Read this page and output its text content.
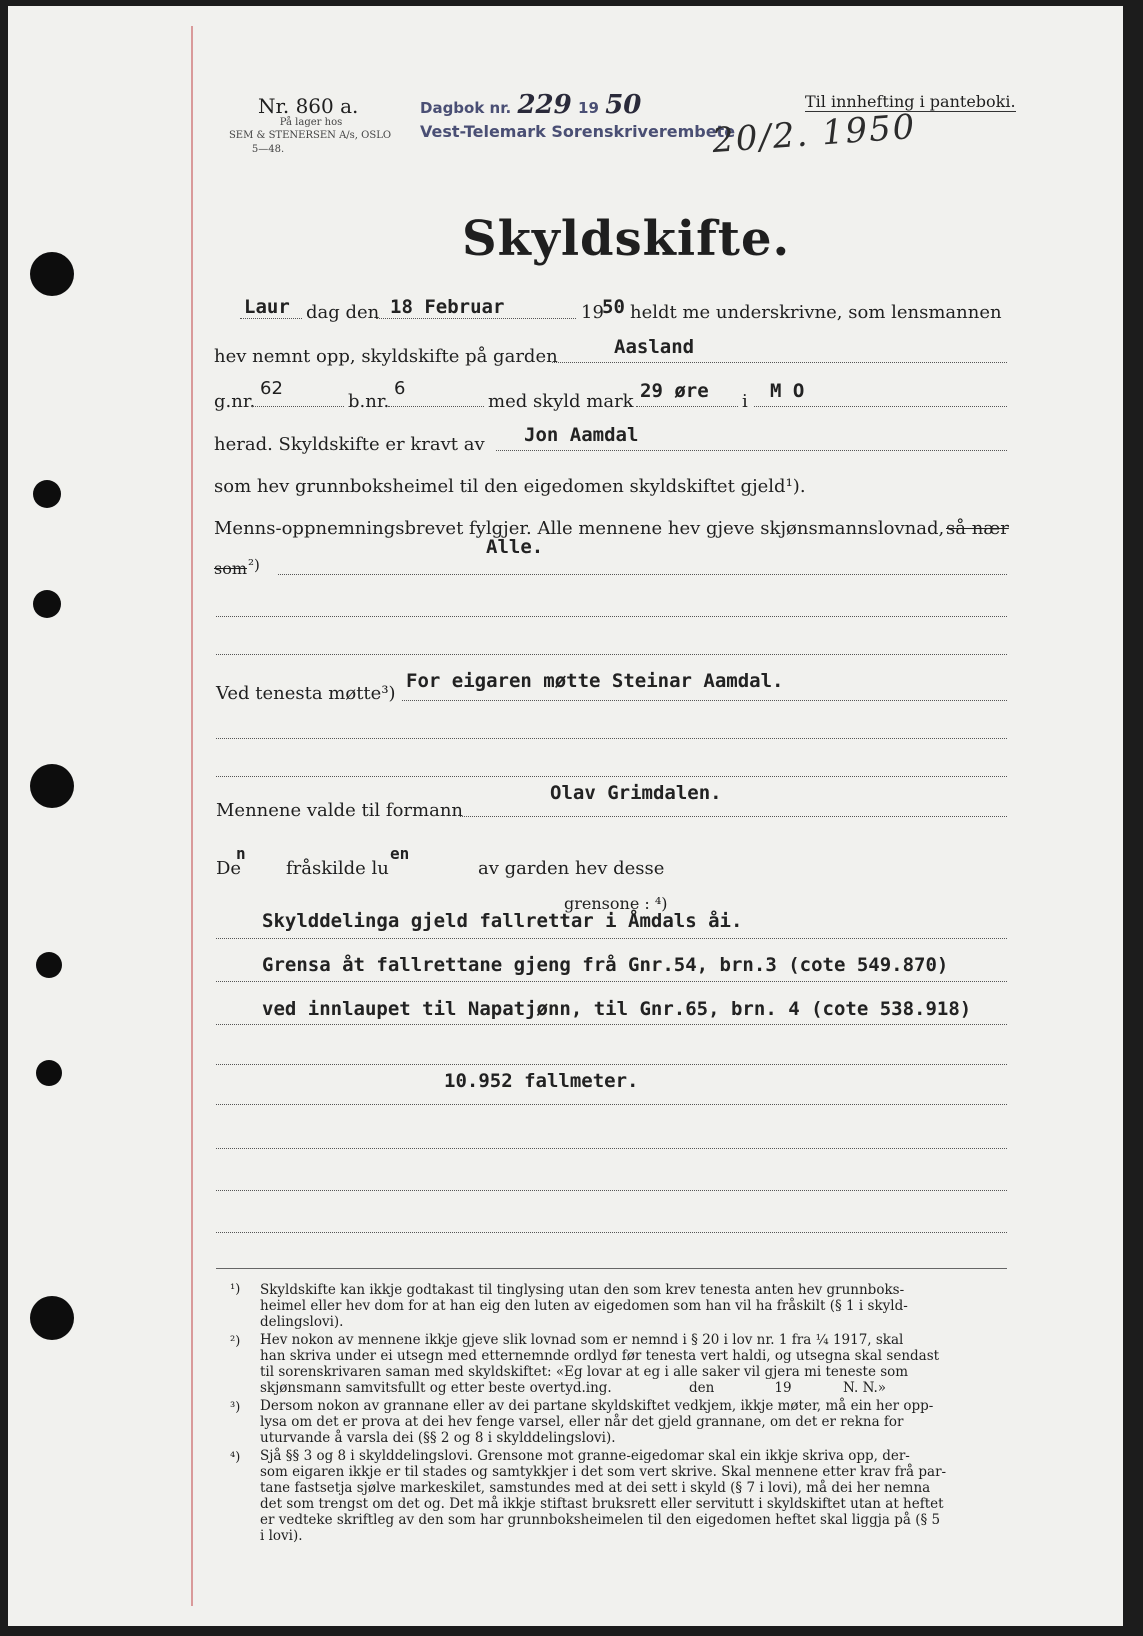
Nr. 860 a.
På lager hos
SEM & STENERSEN A/s, OSLO
5—48.
Dagbok nr. 229 19 50
Vest-Telemark Sorenskriverembete
20/2. 1950
Til innhefting i panteboki.
Skyldskifte.
Laur dag den 18 Februar	19
50 heldt me underskrivne, som lensmannen
hev nemnt opp, skyldskifte på garden	Aasland
g.nr.
62
b.nr.
6
med skyld mark 29 øre i M O
herad. Skyldskifte er kravt av Jon Aamdal
som hev grunnboksheimel til den eigedomen skyldskiftet gjeld¹).
Menns-oppnemningsbrevet fylgjer. Alle mennene hev gjeve skjønsmannslovnad, så nær
Alle.
som ²)
Ved tenesta møtte³)
For eigaren møtte Steinar Aamdal.
Olav Grimdalen.
Mennene valde til formann
De
n
fråskilde lu
en
av garden hev desse
grensone : ⁴)
Skylddelinga gjeld fallrettar i Åmdals åi.
Grensa åt fallrettane gjeng frå Gnr.54, brn.3 (cote 549.870)
ved innlaupet til Napatjønn, til Gnr.65, brn. 4 (cote 538.918)
10.952 fallmeter.
¹) Skyldskifte kan ikkje godtakast til tinglysing utan den som krev tenesta anten hev grunnboks-
heimel eller hev dom for at han eig den luten av eigedomen som han vil ha fråskilt (§ 1 i skyld-
delingslovi).
²) Hev nokon av mennene ikkje gjeve slik lovnad som er nemnd i § 20 i lov nr. 1 fra ¼ 1917, skal
han skriva under ei utsegn med etternemnde ordlyd før tenesta vert haldi, og utsegna skal sendast
til sorenskrivaren saman med skyldskiftet: «Eg lovar at eg i alle saker vil gjera mi teneste som
skjønsmann samvitsfullt og etter beste overtyd.ing.                  den              19            N. N.»
³) Dersom nokon av grannane eller av dei partane skyldskiftet vedkjem, ikkje møter, må ein her opp-
lysa om det er prova at dei hev fenge varsel, eller når det gjeld grannane, om det er rekna for
uturvande å varsla dei (§§ 2 og 8 i skylddelingslovi).
⁴) Sjå §§ 3 og 8 i skylddelingslovi. Grensone mot granne-eigedomar skal ein ikkje skriva opp, der-
som eigaren ikkje er til stades og samtykkjer i det som vert skrive. Skal mennene etter krav frå par-
tane fastsetja sjølve markeskilet, samstundes med at dei sett i skyld (§ 7 i lovi), må dei her nemna
det som trengst om det og. Det må ikkje stiftast bruksrett eller servitutt i skyldskiftet utan at heftet
er vedteke skriftleg av den som har grunnboksheimelen til den eigedomen heftet skal liggja på (§ 5
i lovi).
